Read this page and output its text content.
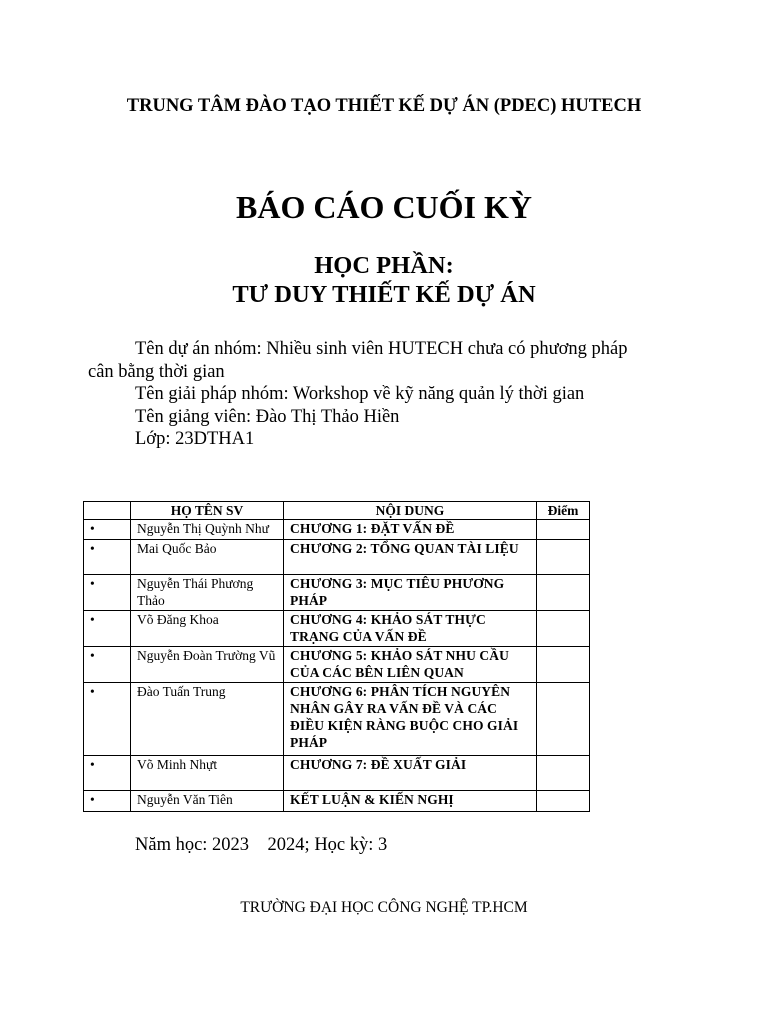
TRUNG TÂM ĐÀO TẠO THIẾT KẾ DỰ ÁN (PDEC) HUTECH
BÁO CÁO CUỐI KỲ
HỌC PHẦN:
TƯ DUY THIẾT KẾ DỰ ÁN
Tên dự án nhóm: Nhiều sinh viên HUTECH chưa có phương pháp
cân bằng thời gian
Tên giải pháp nhóm: Workshop về kỹ năng quản lý thời gian
Tên giảng viên: Đào Thị Thảo Hiền
Lớp: 23DTHA1
	HỌ TÊN SV	NỘI DUNG	Điểm
•	Nguyễn Thị Quỳnh Như	CHƯƠNG 1: ĐẶT VẤN ĐỀ	
•	Mai Quốc Bảo	CHƯƠNG 2: TỔNG QUAN TÀI LIỆU	
•	Nguyễn Thái Phương Thảo	CHƯƠNG 3: MỤC TIÊU PHƯƠNG PHÁP	
•	Võ Đăng Khoa	CHƯƠNG 4: KHẢO SÁT THỰC TRẠNG CỦA VẤN ĐỀ	
•	Nguyễn Đoàn Trường Vũ	CHƯƠNG 5: KHẢO SÁT NHU CẦU CỦA CÁC BÊN LIÊN QUAN	
•	Đào Tuấn Trung	CHƯƠNG 6: PHÂN TÍCH NGUYÊN NHÂN GÂY RA VẤN ĐỀ VÀ CÁC ĐIỀU KIỆN RÀNG BUỘC CHO GIẢI PHÁP	
•	Võ Minh Nhựt	CHƯƠNG 7: ĐỀ XUẤT GIẢI	
•	Nguyễn Văn Tiên	KẾT LUẬN & KIẾN NGHỊ	
Năm học: 2023    2024; Học kỳ: 3
TRƯỜNG ĐẠI HỌC CÔNG NGHỆ TP.HCM
